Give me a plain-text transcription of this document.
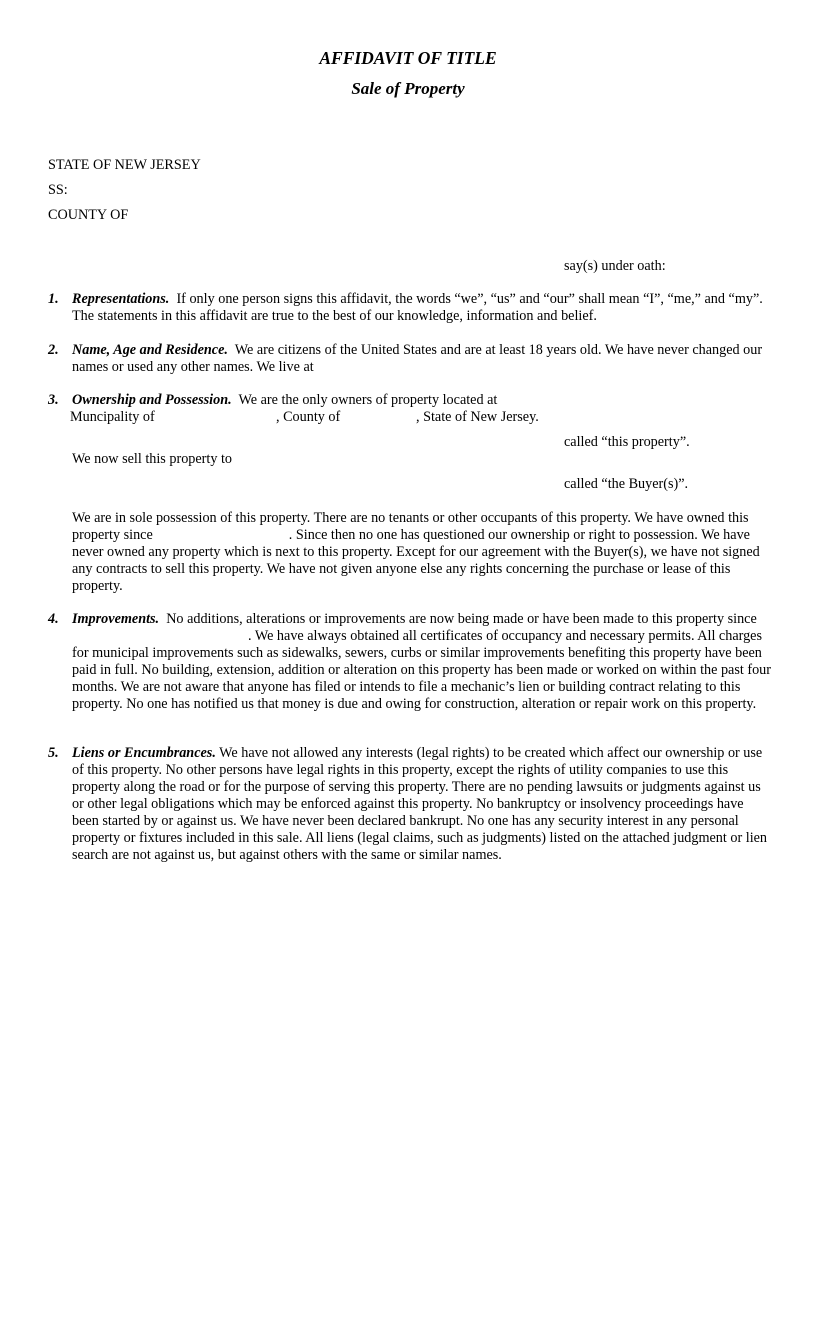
AFFIDAVIT OF TITLE
Sale of Property
STATE OF NEW JERSEY
SS:
COUNTY OF
say(s) under oath:
1. Representations. If only one person signs this affidavit, the words “we”, “us” and “our” shall mean “I”, “me,” and “my”. The statements in this affidavit are true to the best of our knowledge, information and belief.
2. Name, Age and Residence. We are citizens of the United States and are at least 18 years old. We have never changed our names or used any other names. We live at
3. Ownership and Possession. We are the only owners of property located at
Muncipality of	, County of	, State of New Jersey.
called “this property”.
We now sell this property to
called “the Buyer(s)”.
We are in sole possession of this property. There are no tenants or other occupants of this property. We have owned this property since	. Since then no one has questioned our ownership or right to possession. We have never owned any property which is next to this property. Except for our agreement with the Buyer(s), we have not signed any contracts to sell this property. We have not given anyone else any rights concerning the purchase or lease of this property.
4. Improvements. No additions, alterations or improvements are now being made or have been made to this property since. We have always obtained all certificates of occupancy and necessary permits. All charges for municipal improvements such as sidewalks, sewers, curbs or similar improvements benefiting this property have been paid in full. No building, extension, addition or alteration on this property has been made or worked on within the past four months. We are not aware that anyone has filed or intends to file a mechanic’s lien or building contract relating to this property. No one has notified us that money is due and owing for construction, alteration or repair work on this property.
5. Liens or Encumbrances. We have not allowed any interests (legal rights) to be created which affect our ownership or use of this property. No other persons have legal rights in this property, except the rights of utility companies to use this property along the road or for the purpose of serving this property. There are no pending lawsuits or judgments against us or other legal obligations which may be enforced against this property. No bankruptcy or insolvency proceedings have been started by or against us. We have never been declared bankrupt. No one has any security interest in any personal property or fixtures included in this sale. All liens (legal claims, such as judgments) listed on the attached judgment or lien search are not against us, but against others with the same or similar names.
